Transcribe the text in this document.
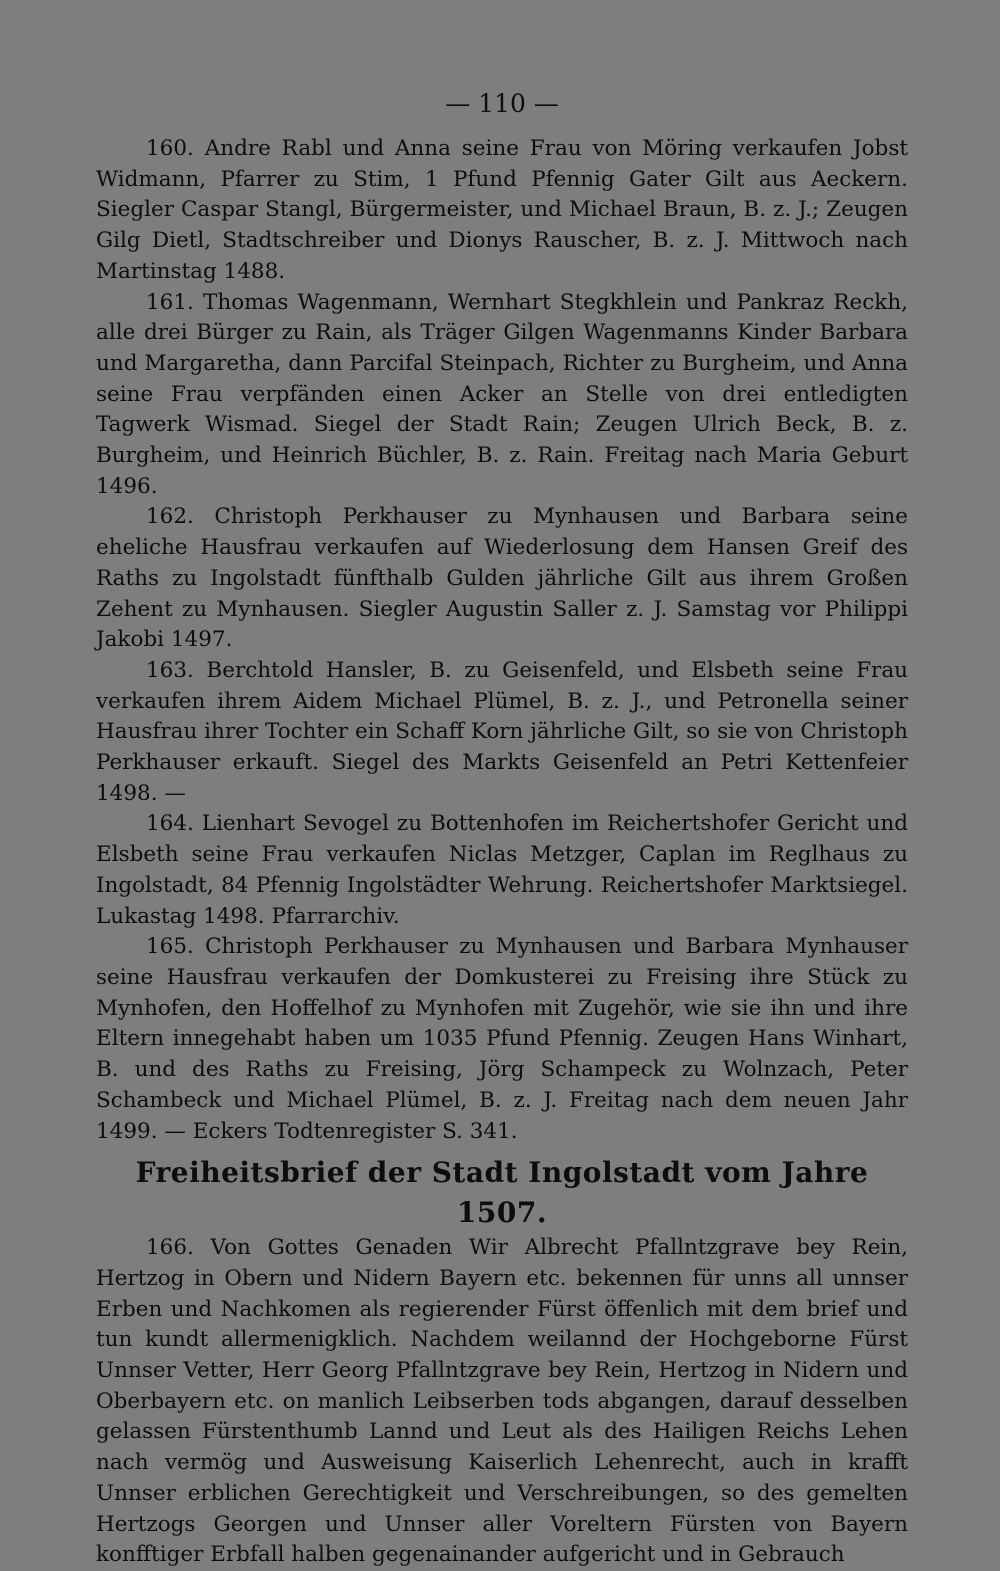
— 110 —

160. Andre Rabl und Anna seine Frau von Möring verkaufen Jobst Widmann, Pfarrer zu Stim, 1 Pfund Pfennig Gater Gilt aus Aeckern. Siegler Caspar Stangl, Bürgermeister, und Michael Braun, B. z. J.; Zeugen Gilg Dietl, Stadtschreiber und Dionys Rauscher, B. z. J. Mittwoch nach Martinstag 1488.

161. Thomas Wagenmann, Wernhart Stegkhlein und Pankraz Reckh, alle drei Bürger zu Rain, als Träger Gilgen Wagenmanns Kinder Barbara und Margaretha, dann Parcifal Steinpach, Richter zu Burgheim, und Anna seine Frau verpfänden einen Acker an Stelle von drei entledigten Tagwerk Wismad. Siegel der Stadt Rain; Zeugen Ulrich Beck, B. z. Burgheim, und Heinrich Büchler, B. z. Rain. Freitag nach Maria Geburt 1496.

162. Christoph Perkhauser zu Mynhausen und Barbara seine eheliche Hausfrau verkaufen auf Wiederlosung dem Hansen Greif des Raths zu Ingolstadt fünfthalb Gulden jährliche Gilt aus ihrem Großen Zehent zu Mynhausen. Siegler Augustin Saller z. J. Samstag vor Philippi Jakobi 1497.

163. Berchtold Hansler, B. zu Geisenfeld, und Elsbeth seine Frau verkaufen ihrem Aidem Michael Plümel, B. z. J., und Petronella seiner Hausfrau ihrer Tochter ein Schaff Korn jährliche Gilt, so sie von Christoph Perkhauser erkauft. Siegel des Markts Geisenfeld an Petri Kettenfeier 1498. —

164. Lienhart Sevogel zu Bottenhofen im Reichertshofer Gericht und Elsbeth seine Frau verkaufen Niclas Metzger, Caplan im Reglhaus zu Ingolstadt, 84 Pfennig Ingolstädter Wehrung. Reichertshofer Marktsiegel. Lukastag 1498. Pfarrarchiv.

165. Christoph Perkhauser zu Mynhausen und Barbara Mynhauser seine Hausfrau verkaufen der Domkusterei zu Freising ihre Stück zu Mynhofen, den Hoffelhof zu Mynhofen mit Zugehör, wie sie ihn und ihre Eltern innegehabt haben um 1035 Pfund Pfennig. Zeugen Hans Winhart, B. und des Raths zu Freising, Jörg Schampeck zu Wolnzach, Peter Schambeck und Michael Plümel, B. z. J. Freitag nach dem neuen Jahr 1499. — Eckers Todtenregister S. 341.

Freiheitsbrief der Stadt Ingolstadt vom Jahre 1507.

166. Von Gottes Genaden Wir Albrecht Pfallntzgrave bey Rein, Hertzog in Obern und Nidern Bayern etc. bekennen für unns all unnser Erben und Nachkomen als regierender Fürst öffenlich mit dem brief und tun kundt allermenigklich. Nachdem weilannd der Hochgeborne Fürst Unnser Vetter, Herr Georg Pfallntzgrave bey Rein, Hertzog in Nidern und Oberbayern etc. on manlich Leibserben tods abgangen, darauf desselben gelassen Fürstenthumb Lannd und Leut als des Hailigen Reichs Lehen nach vermög und Ausweisung Kaiserlich Lehenrecht, auch in krafft Unnser erblichen Gerechtigkeit und Verschreibungen, so des gemelten Hertzogs Georgen und Unnser aller Voreltern Fürsten von Bayern konfftiger Erbfall halben gegenainander aufgericht und in Gebrauch
